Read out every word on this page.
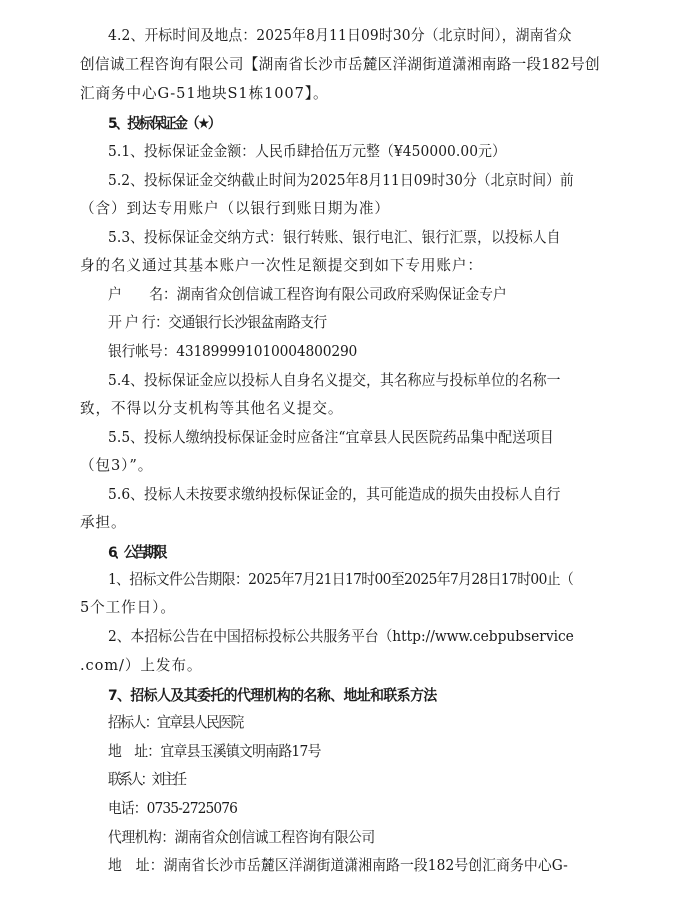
4.2、开标时间及地点：2025年8月11日09时30分（北京时间），湖南省众
创信诚工程咨询有限公司【湖南省长沙市岳麓区洋湖街道潇湘南路一段182号创
汇商务中心G-51地块S1栋1007】。
5、投标保证金（★）
5.1、投标保证金金额：人民币肆拾伍万元整（¥450000.00元）
5.2、投标保证金交纳截止时间为2025年8月11日09时30分（北京时间）前
（含）到达专用账户（以银行到账日期为准）
5.3、投标保证金交纳方式：银行转账、银行电汇、银行汇票，以投标人自
身的名义通过其基本账户一次性足额提交到如下专用账户：
户　　名：湖南省众创信诚工程咨询有限公司政府采购保证金专户
开 户 行：交通银行长沙银盆南路支行
银行帐号：431899991010004800290
5.4、投标保证金应以投标人自身名义提交，其名称应与投标单位的名称一
致，不得以分支机构等其他名义提交。
5.5、投标人缴纳投标保证金时应备注“宜章县人民医院药品集中配送项目
（包3）”。
5.6、投标人未按要求缴纳投标保证金的，其可能造成的损失由投标人自行
承担。
6、公告期限
1、招标文件公告期限：2025年7月21日17时00至2025年7月28日17时00止（
5个工作日）。
2、本招标公告在中国招标投标公共服务平台（http://www.cebpubservice
.com/）上发布。
7、招标人及其委托的代理机构的名称、地址和联系方法
招标人：宜章县人民医院
地　址：宜章县玉溪镇文明南路17号
联系人：刘主任
电话：0735-2725076
代理机构：湖南省众创信诚工程咨询有限公司
地　址：湖南省长沙市岳麓区洋湖街道潇湘南路一段182号创汇商务中心G-
